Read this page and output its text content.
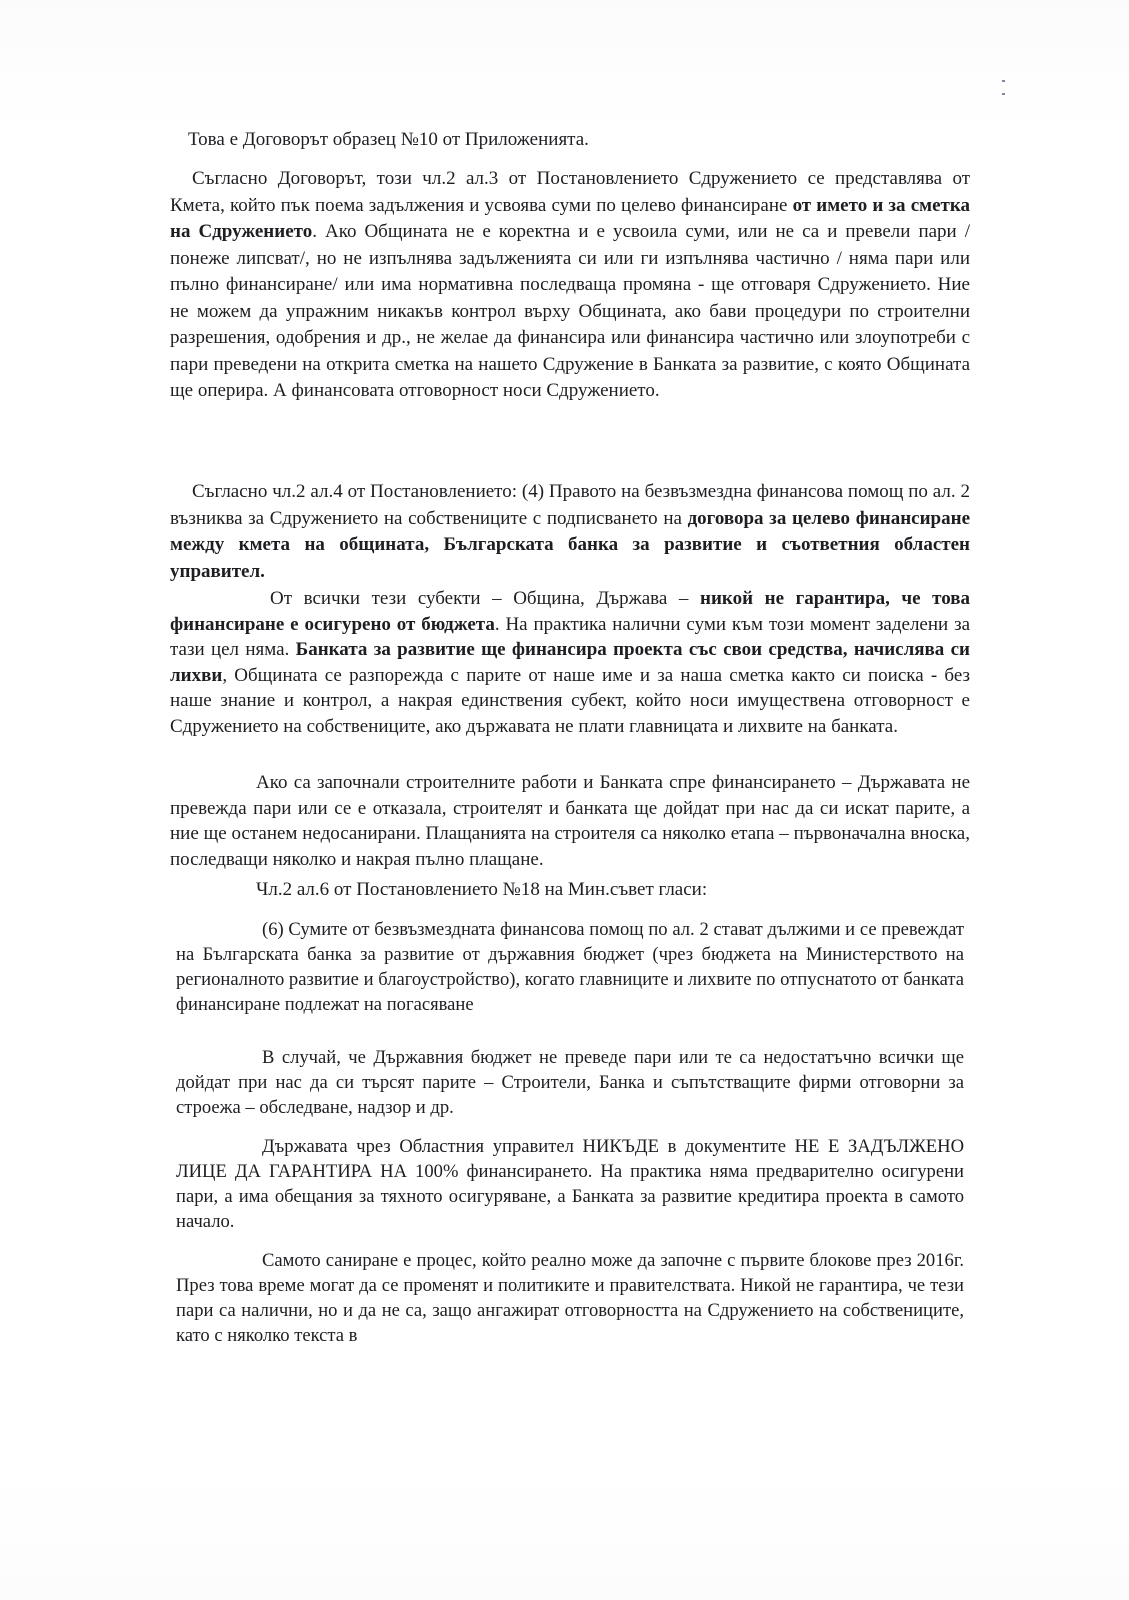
Това е Договорът образец №10 от Приложенията.

Съгласно Договорът, този чл.2 ал.3 от Постановлението Сдружението се представлява от Кмета, който пък поема задължения и усвоява суми по целево финансиране от името и за сметка на Сдружението. Ако Общината не е коректна и е усвоила суми, или не са и превели пари /понеже липсват/, но не изпълнява задълженията си или ги изпълнява частично / няма пари или пълно финансиране/ или има нормативна последваща промяна - ще отговаря Сдружението. Ние не можем да упражним никакъв контрол върху Общината, ако бави процедури по строителни разрешения, одобрения и др., не желае да финансира или финансира частично или злоупотреби с пари преведени на открита сметка на нашето Сдружение в Банката за развитие, с която Общината ще оперира. А финансовата отговорност носи Сдружението.

Съгласно чл.2 ал.4 от Постановлението: (4) Правото на безвъзмездна финансова помощ по ал. 2 възниква за Сдружението на собствениците с подписването на договора за целево финансиране между кмета на общината, Българската банка за развитие и съответния областен управител.

От всички тези субекти – Община, Държава – никой не гарантира, че това финансиране е осигурено от бюджета. На практика налични суми към този момент заделени за тази цел няма. Банката за развитие ще финансира проекта със свои средства, начислява си лихви, Общината се разпорежда с парите от наше име и за наша сметка както си поиска - без наше знание и контрол, а накрая единствения субект, който носи имуществена отговорност е Сдружението на собствениците, ако държавата не плати главницата и лихвите на банката.

Ако са започнали строителните работи и Банката спре финансирането – Държавата не превежда пари или се е отказала, строителят и банката ще дойдат при нас да си искат парите, а ние ще останем недосанирани. Плащанията на строителя са няколко етапа – първоначална вноска, последващи няколко и накрая пълно плащане.

Чл.2 ал.6 от Постановлението №18 на Мин.съвет гласи:

(6) Сумите от безвъзмездната финансова помощ по ал. 2 стават дължими и се превеждат на Българската банка за развитие от държавния бюджет (чрез бюджета на Министерството на регионалното развитие и благоустройство), когато главниците и лихвите по отпуснатото от банката финансиране подлежат на погасяване

В случай, че Държавния бюджет не преведе пари или те са недостатъчно всички ще дойдат при нас да си търсят парите – Строители, Банка и съпътстващите фирми отговорни за строежа – обследване, надзор и др.

Държавата чрез Областния управител НИКЪДЕ в документите НЕ Е ЗАДЪЛЖЕНО ЛИЦЕ ДА ГАРАНТИРА НА 100% финансирането. На практика няма предварително осигурени пари, а има обещания за тяхното осигуряване, а Банката за развитие кредитира проекта в самото начало.

Самото саниране е процес, който реално може да започне с първите блокове през 2016г. През това време могат да се променят и политиките и правителствата. Никой не гарантира, че тези пари са налични, но и да не са, защо ангажират отговорността на Сдружението на собствениците, като с няколко текста в
